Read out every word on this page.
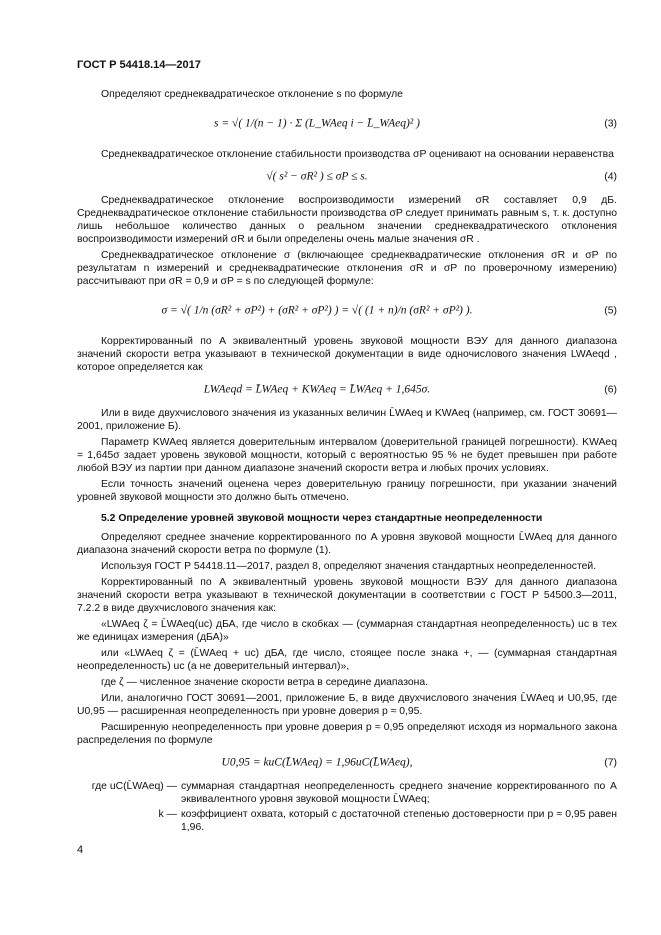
ГОСТ Р 54418.14—2017

Определяют среднеквадратическое отклонение s по формуле

s = √( 1/(n − 1) · Σ (L_WAeq i − L̄_WAeq)² )	(3)

Среднеквадратическое отклонение стабильности производства σP оценивают на основании неравенства

√( s² − σR² ) ≤ σP ≤ s.	(4)

Среднеквадратическое отклонение воспроизводимости измерений σR составляет 0,9 дБ. Среднеквадратическое отклонение стабильности производства σP следует принимать равным s, т. к. доступно лишь небольшое количество данных о реальном значении среднеквадратического отклонения воспроизводимости измерений σR и были определены очень малые значения σR .

Среднеквадратическое отклонение σ (включающее среднеквадратические отклонения σR и σP по результатам n измерений и среднеквадратические отклонения σR и σP по проверочному измерению) рассчитывают при σR = 0,9 и σP = s по следующей формуле:

σ = √( 1/n (σR² + σP²) + (σR² + σP²) ) = √( (1 + n)/n (σR² + σP²) ).	(5)

Корректированный по A эквивалентный уровень звуковой мощности ВЭУ для данного диапазона значений скорости ветра указывают в технической документации в виде одночислового значения LWAeqd , которое определяется как

LWAeqd = L̄WAeq + KWAeq = L̄WAeq + 1,645σ.	(6)

Или в виде двухчислового значения из указанных величин L̄WAeq и KWAeq (например, см. ГОСТ 30691—2001, приложение Б).

Параметр KWAeq является доверительным интервалом (доверительной границей погрешности). KWAeq = 1,645σ задает уровень звуковой мощности, который с вероятностью 95 % не будет превышен при работе любой ВЭУ из партии при данном диапазоне значений скорости ветра и любых прочих условиях.

Если точность значений оценена через доверительную границу погрешности, при указании значений уровней звуковой мощности это должно быть отмечено.

5.2 Определение уровней звуковой мощности через стандартные неопределенности

Определяют среднее значение корректированного по A уровня звуковой мощности L̄WAeq для данного диапазона значений скорости ветра по формуле (1).

Используя ГОСТ Р 54418.11—2017, раздел 8, определяют значения стандартных неопределенностей.

Корректированный по A эквивалентный уровень звуковой мощности ВЭУ для данного диапазона значений скорости ветра указывают в технической документации в соответствии с ГОСТ Р 54500.3—2011, 7.2.2 в виде двухчислового значения как:

«LWAeq ζ = L̄WAeq(uc) дБА, где число в скобках — (суммарная стандартная неопределенность) uc в тех же единицах измерения (дБА)»

или «LWAeq ζ = (L̄WAeq + uc) дБА, где число, стоящее после знака +, — (суммарная стандартная неопределенность) uc (а не доверительный интервал)»,

где ζ — численное значение скорости ветра в середине диапазона.

Или, аналогично ГОСТ 30691—2001, приложение Б, в виде двухчислового значения L̄WAeq и U0,95, где U0,95 — расширенная неопределенность при уровне доверия p ≈ 0,95.

Расширенную неопределенность при уровне доверия p ≈ 0,95 определяют исходя из нормального закона распределения по формуле

U0,95 = kuC(L̄WAeq) = 1,96uC(L̄WAeq),	(7)
где uC(L̄WAeq) — суммарная стандартная неопределенность среднего значение корректированного по A эквивалентного уровня звуковой мощности L̄WAeq;
k — коэффициент охвата, который с достаточной степенью достоверности при p ≈ 0,95 равен 1,96.
4
